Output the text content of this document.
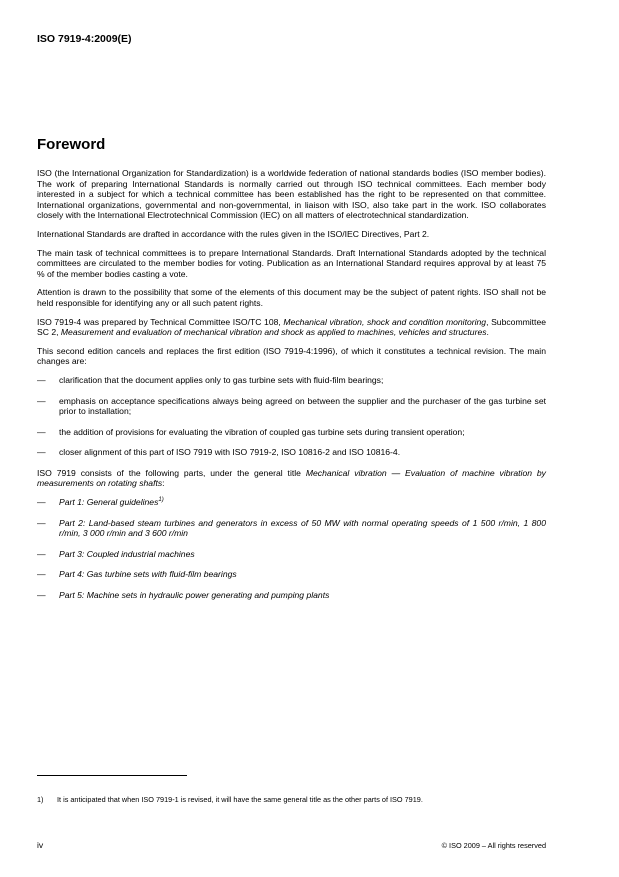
ISO 7919-4:2009(E)
Foreword

ISO (the International Organization for Standardization) is a worldwide federation of national standards bodies (ISO member bodies). The work of preparing International Standards is normally carried out through ISO technical committees. Each member body interested in a subject for which a technical committee has been established has the right to be represented on that committee. International organizations, governmental and non-governmental, in liaison with ISO, also take part in the work. ISO collaborates closely with the International Electrotechnical Commission (IEC) on all matters of electrotechnical standardization.

International Standards are drafted in accordance with the rules given in the ISO/IEC Directives, Part 2.

The main task of technical committees is to prepare International Standards. Draft International Standards adopted by the technical committees are circulated to the member bodies for voting. Publication as an International Standard requires approval by at least 75 % of the member bodies casting a vote.

Attention is drawn to the possibility that some of the elements of this document may be the subject of patent rights. ISO shall not be held responsible for identifying any or all such patent rights.

ISO 7919-4 was prepared by Technical Committee ISO/TC 108, Mechanical vibration, shock and condition monitoring, Subcommittee SC 2, Measurement and evaluation of mechanical vibration and shock as applied to machines, vehicles and structures.

This second edition cancels and replaces the first edition (ISO 7919-4:1996), of which it constitutes a technical revision. The main changes are:

—	clarification that the document applies only to gas turbine sets with fluid-film bearings;
—	emphasis on acceptance specifications always being agreed on between the supplier and the purchaser of the gas turbine set prior to installation;
—	the addition of provisions for evaluating the vibration of coupled gas turbine sets during transient operation;
—	closer alignment of this part of ISO 7919 with ISO 7919-2, ISO 10816-2 and ISO 10816-4.

ISO 7919 consists of the following parts, under the general title Mechanical vibration — Evaluation of machine vibration by measurements on rotating shafts:

—	Part 1: General guidelines$^{1)}$
—	Part 2: Land-based steam turbines and generators in excess of 50 MW with normal operating speeds of 1 500 r/min, 1 800 r/min, 3 000 r/min and 3 600 r/min
—	Part 3: Coupled industrial machines
—	Part 4: Gas turbine sets with fluid-film bearings
—	Part 5: Machine sets in hydraulic power generating and pumping plants
1) It is anticipated that when ISO 7919-1 is revised, it will have the same general title as the other parts of ISO 7919.
iv	© ISO 2009 – All rights reserved
